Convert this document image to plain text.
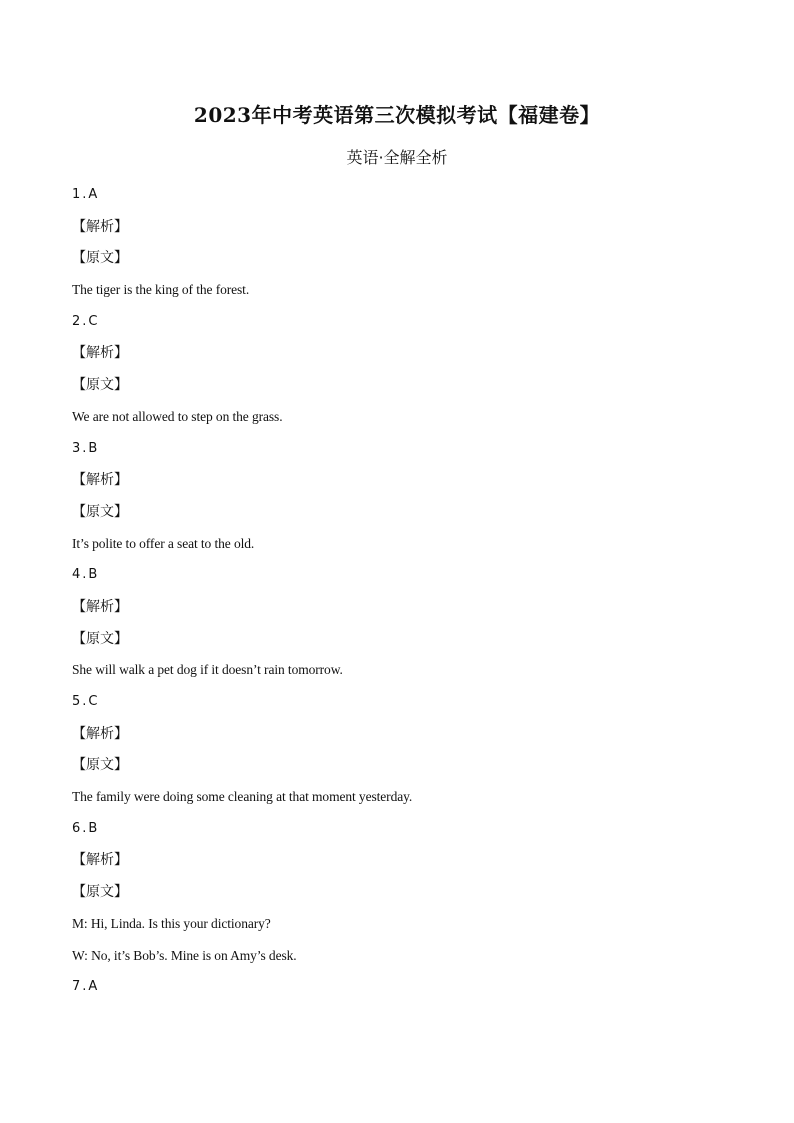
2023年中考英语第三次模拟考试【福建卷】
英语·全解全析
1 . A
【解析】
【原文】
The tiger is the king of the forest.
2 . C
【解析】
【原文】
We are not allowed to step on the grass.
3 . B
【解析】
【原文】
It’s polite to offer a seat to the old.
4 . B
【解析】
【原文】
She will walk a pet dog if it doesn’t rain tomorrow.
5 . C
【解析】
【原文】
The family were doing some cleaning at that moment yesterday.
6 . B
【解析】
【原文】
M: Hi, Linda. Is this your dictionary?
W: No, it’s Bob’s. Mine is on Amy’s desk.
7 . A
